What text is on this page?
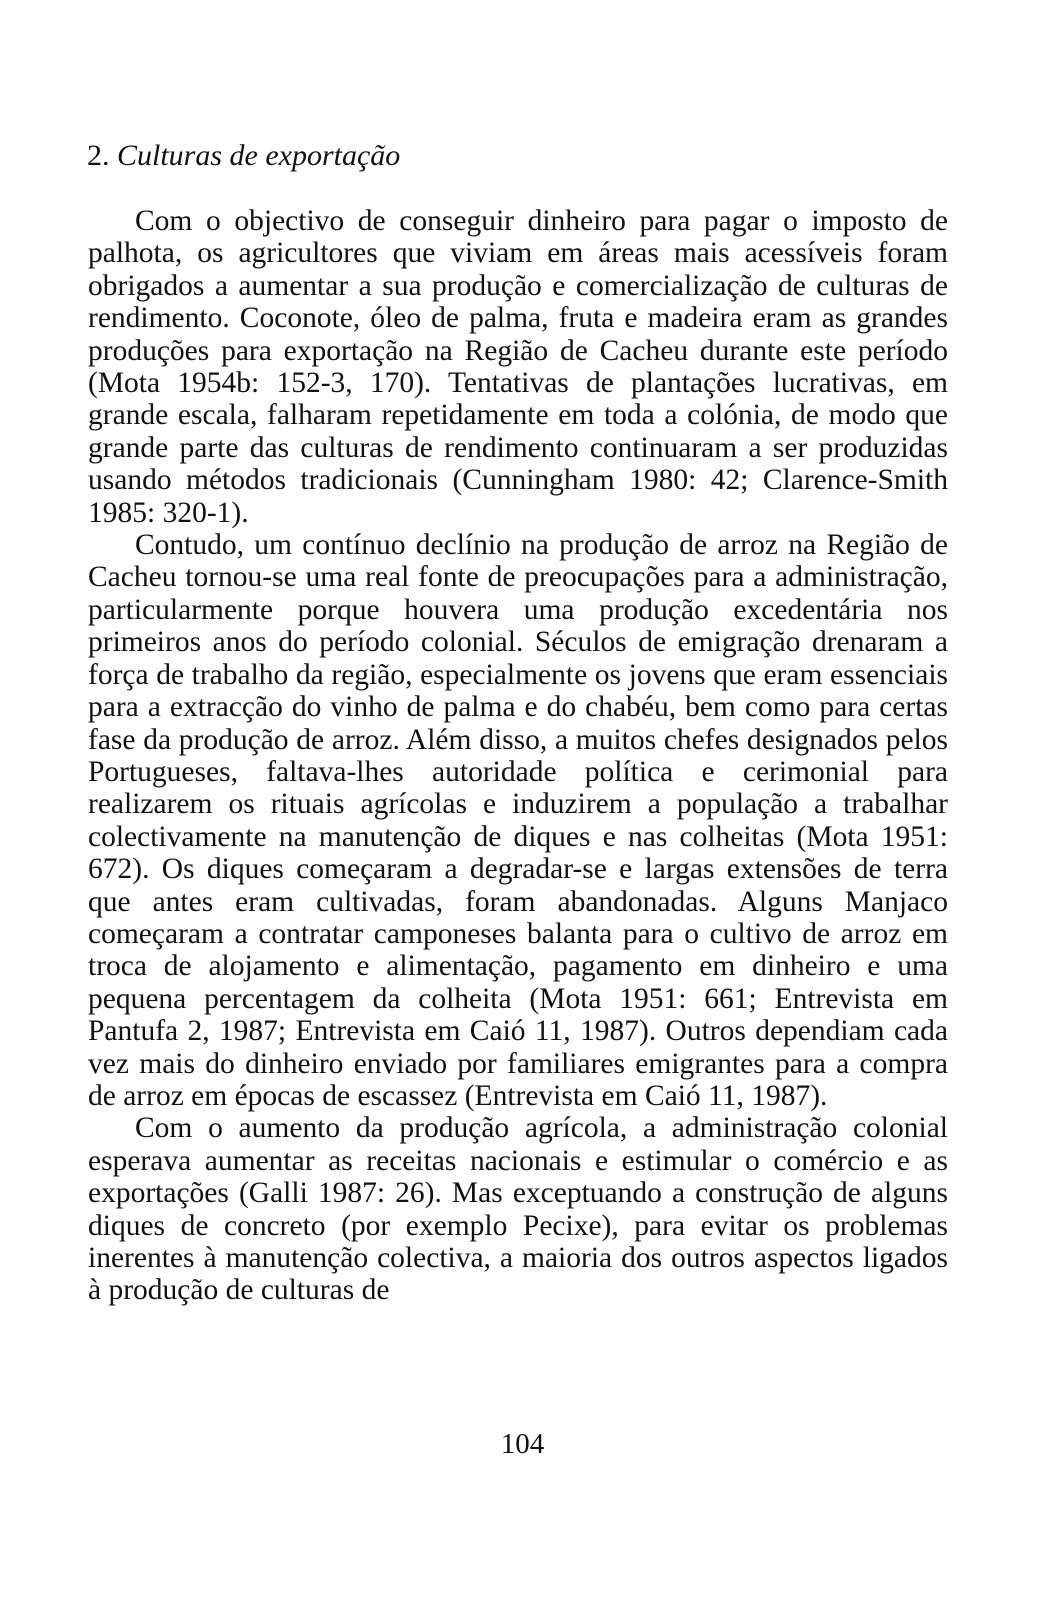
2. Culturas de exportação

Com o objectivo de conseguir dinheiro para pagar o imposto de palhota, os agricultores que viviam em áreas mais acessíveis foram obrigados a aumentar a sua produção e comercialização de culturas de rendimento. Coconote, óleo de palma, fruta e madeira eram as grandes produções para exportação na Região de Cacheu durante este período (Mota 1954b: 152-3, 170). Tentativas de plantações lucrativas, em grande escala, falharam repetidamente em toda a colónia, de modo que grande parte das culturas de rendimento continuaram a ser produzidas usando métodos tradicionais (Cunningham 1980: 42; Clarence-Smith 1985: 320-1).

Contudo, um contínuo declínio na produção de arroz na Região de Cacheu tornou-se uma real fonte de preocupações para a administração, particularmente porque houvera uma produção excedentária nos primeiros anos do período colonial. Séculos de emigração drenaram a força de trabalho da região, especialmente os jovens que eram essenciais para a extracção do vinho de palma e do chabéu, bem como para certas fase da produção de arroz. Além disso, a muitos chefes designados pelos Portugueses, faltava-lhes autoridade política e cerimonial para realizarem os rituais agrícolas e induzirem a população a trabalhar colectivamente na manutenção de diques e nas colheitas (Mota 1951: 672). Os diques começaram a degradar-se e largas extensões de terra que antes eram cultivadas, foram abandonadas. Alguns Manjaco começaram a contratar camponeses balanta para o cultivo de arroz em troca de alojamento e alimentação, pagamento em dinheiro e uma pequena percentagem da colheita (Mota 1951: 661; Entrevista em Pantufa 2, 1987; Entrevista em Caió 11, 1987). Outros dependiam cada vez mais do dinheiro enviado por familiares emigrantes para a compra de arroz em épocas de escassez (Entrevista em Caió 11, 1987).

Com o aumento da produção agrícola, a administração colonial esperava aumentar as receitas nacionais e estimular o comércio e as exportações (Galli 1987: 26). Mas exceptuando a construção de alguns diques de concreto (por exemplo Pecixe), para evitar os problemas inerentes à manutenção colectiva, a maioria dos outros aspectos ligados à produção de culturas de

104
